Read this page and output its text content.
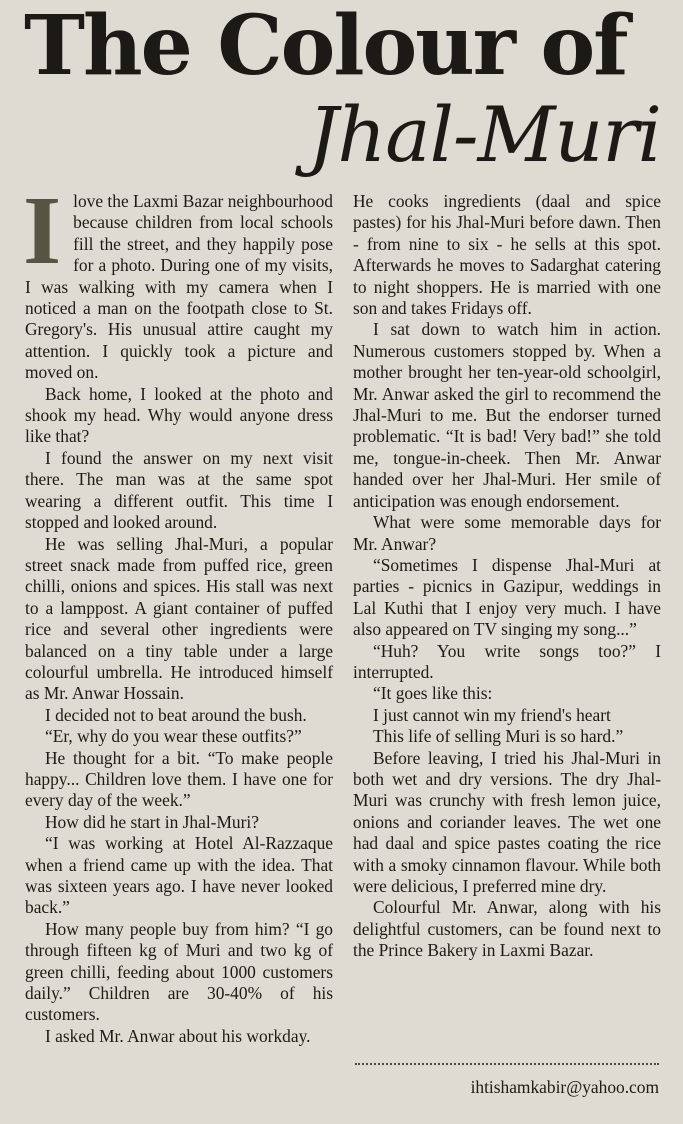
The Colour of
Jhal-Muri

Ilove the Laxmi Bazar neighbourhood because children from local schools fill the street, and they happily pose for a photo. During one of my visits, I was walking with my camera when I noticed a man on the footpath close to St. Gregory's. His unusual attire caught my attention. I quickly took a picture and moved on.

Back home, I looked at the photo and shook my head. Why would anyone dress like that?

I found the answer on my next visit there. The man was at the same spot wearing a different outfit. This time I stopped and looked around.

He was selling Jhal-Muri, a popular street snack made from puffed rice, green chilli, onions and spices. His stall was next to a lamppost. A giant container of puffed rice and several other ingredients were balanced on a tiny table under a large colourful umbrella. He introduced himself as Mr. Anwar Hossain.

I decided not to beat around the bush.

“Er, why do you wear these outfits?”

He thought for a bit. “To make people happy... Children love them. I have one for every day of the week.”

How did he start in Jhal-Muri?

“I was working at Hotel Al-Razzaque when a friend came up with the idea. That was sixteen years ago. I have never looked back.”

How many people buy from him? “I go through fifteen kg of Muri and two kg of green chilli, feeding about 1000 customers daily.” Children are 30-40% of his customers.

I asked Mr. Anwar about his workday.

He cooks ingredients (daal and spice pastes) for his Jhal-Muri before dawn. Then - from nine to six - he sells at this spot. Afterwards he moves to Sadarghat catering to night shoppers. He is married with one son and takes Fridays off.

I sat down to watch him in action. Numerous customers stopped by. When a mother brought her ten-year-old schoolgirl, Mr. Anwar asked the girl to recommend the Jhal-Muri to me. But the endorser turned problematic. “It is bad! Very bad!” she told me, tongue-in-cheek. Then Mr. Anwar handed over her Jhal-Muri. Her smile of anticipation was enough endorsement.

What were some memorable days for Mr. Anwar?

“Sometimes I dispense Jhal-Muri at parties - picnics in Gazipur, weddings in Lal Kuthi that I enjoy very much. I have also appeared on TV singing my song...”

“Huh? You write songs too?” I interrupted.

“It goes like this:

I just cannot win my friend's heart

This life of selling Muri is so hard.”

Before leaving, I tried his Jhal-Muri in both wet and dry versions. The dry Jhal-Muri was crunchy with fresh lemon juice, onions and coriander leaves. The wet one had daal and spice pastes coating the rice with a smoky cinnamon flavour. While both were delicious, I preferred mine dry.

Colourful Mr. Anwar, along with his delightful customers, can be found next to the Prince Bakery in Laxmi Bazar.

ihtishamkabir@yahoo.com
